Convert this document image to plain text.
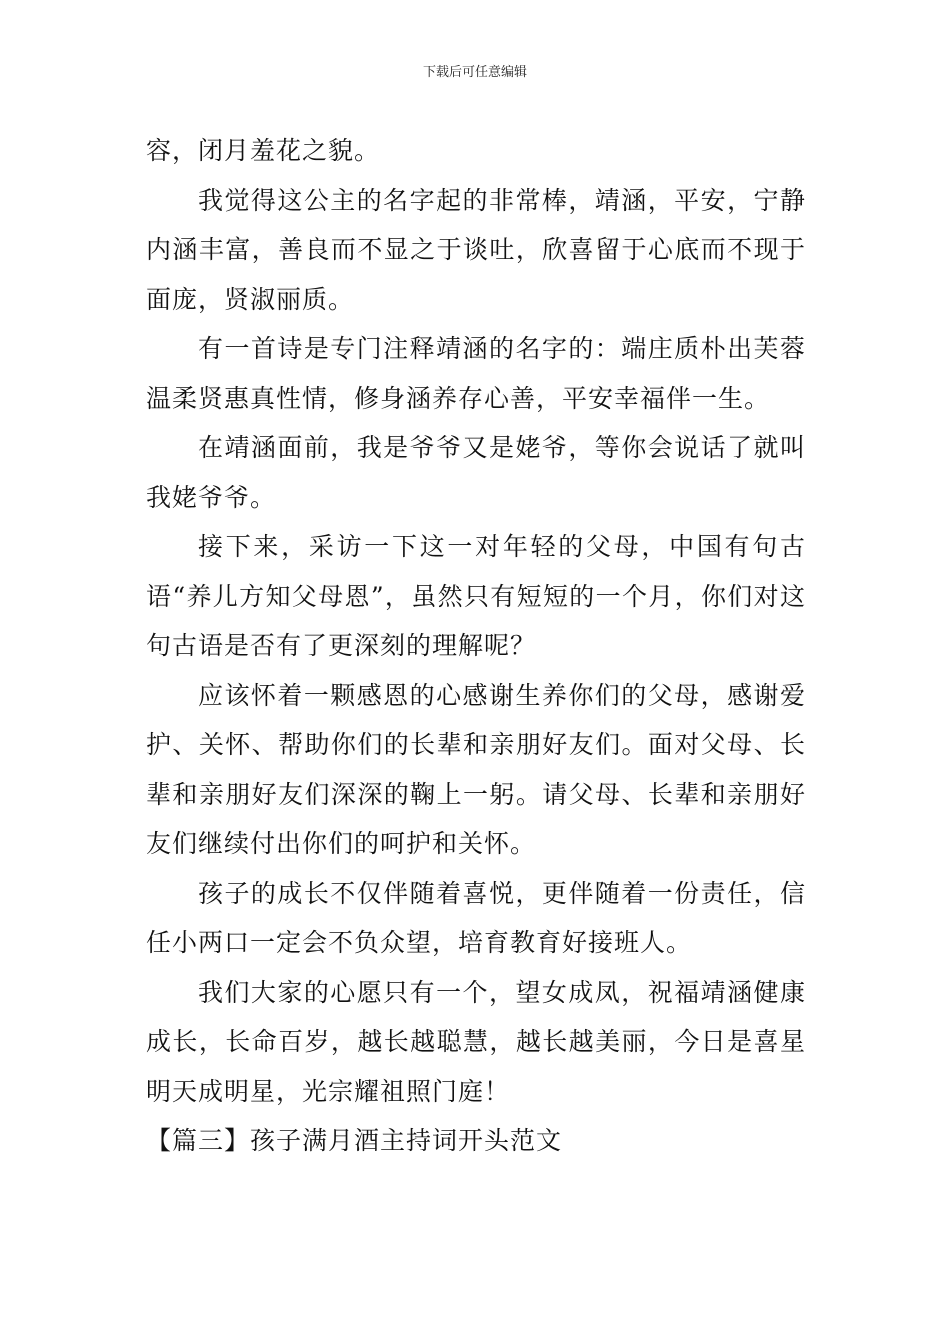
下载后可任意编辑

容，闭月羞花之貌。

我觉得这公主的名字起的非常棒，靖涵，平安，宁静内涵丰富，善良而不显之于谈吐，欣喜留于心底而不现于面庞，贤淑丽质。

有一首诗是专门注释靖涵的名字的：端庄质朴出芙蓉温柔贤惠真性情，修身涵养存心善，平安幸福伴一生。

在靖涵面前，我是爷爷又是姥爷，等你会说话了就叫我姥爷爷。

接下来，采访一下这一对年轻的父母，中国有句古语“养儿方知父母恩”，虽然只有短短的一个月，你们对这句古语是否有了更深刻的理解呢？

应该怀着一颗感恩的心感谢生养你们的父母，感谢爱护、关怀、帮助你们的长辈和亲朋好友们。面对父母、长辈和亲朋好友们深深的鞠上一躬。请父母、长辈和亲朋好友们继续付出你们的呵护和关怀。

孩子的成长不仅伴随着喜悦，更伴随着一份责任，信任小两口一定会不负众望，培育教育好接班人。

我们大家的心愿只有一个，望女成凤，祝福靖涵健康成长，长命百岁，越长越聪慧，越长越美丽，今日是喜星明天成明星，光宗耀祖照门庭！

【篇三】孩子满月酒主持词开头范文
